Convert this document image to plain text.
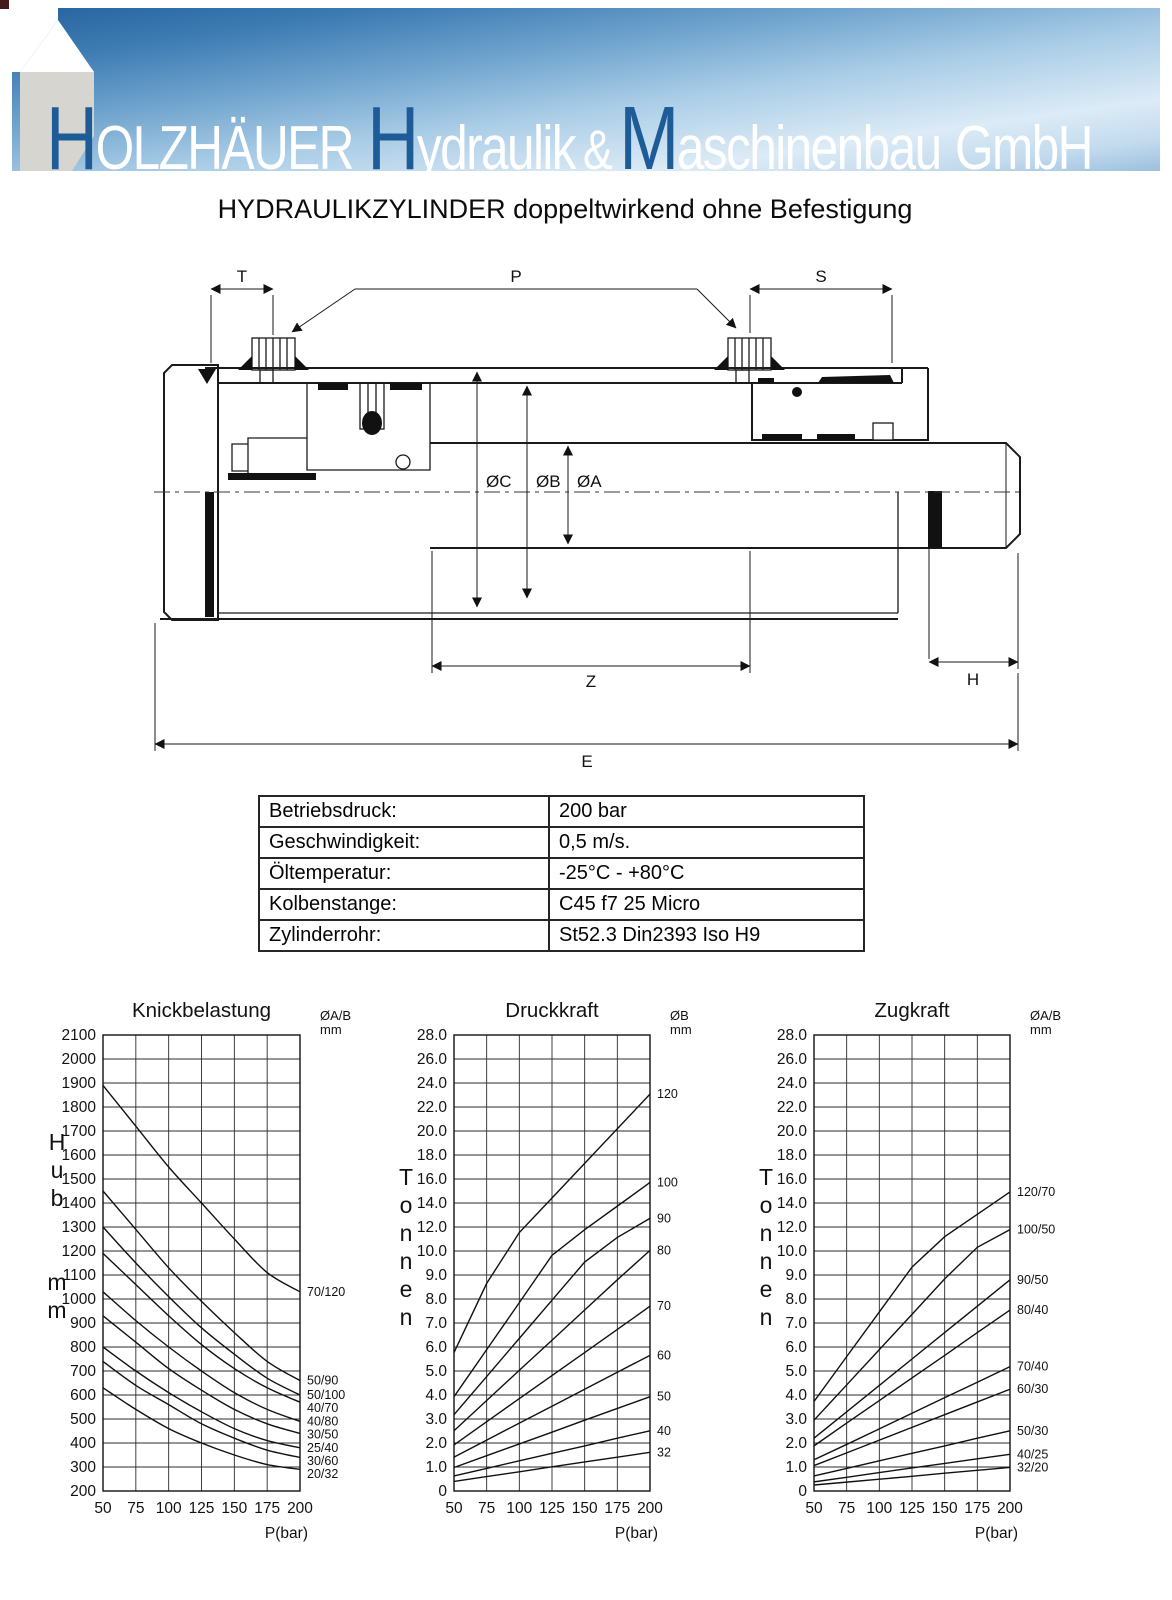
H OLZHÄUER H ydraulik & M aschinenbau GmbH
HYDRAULIKZYLINDER doppeltwirkend ohne Befestigung
T	P	S
ØC ØB ØA
Z	H
E
Betriebsdruck:	200 bar
Geschwindigkeit:	0,5 m/s.
Öltemperatur:	-25°C - +80°C
Kolbenstange:	C45 f7 25 Micro
Zylinderrohr:	St52.3 Din2393 Iso H9
Knickbelastung	ØA/B
mm
2100
2000
1900
1800
1700
1600
1500
1400
1300
1200
1100
1000
900
800
700
600
500
400
300
200
50 75 100 125 150 175 200
P(bar)
H
u
b
m
m
70/120
50/90
50/100
40/70
40/80
30/50
25/40
30/60
20/32
Druckkraft	ØB
mm
28.0
26.0
24.0
22.0
20.0
18.0
16.0
14.0
12.0
10.0
9.0
8.0
7.0
6.0
5.0
4.0
3.0
2.0
1.0
0
50 75 100 125 150 175 200
P(bar)
T
o
n
n
e
n
120
100
90
80
70
60
50
40
32
Zugkraft	ØA/B
mm
28.0
26.0
24.0
22.0
20.0
18.0
16.0
14.0
12.0
10.0
9.0
8.0
7.0
6.0
5.0
4.0
3.0
2.0
1.0
0
50 75 100 125 150 175 200
P(bar)
T
o
n
n
e
n
120/70
100/50
90/50
80/40
70/40
60/30
50/30
40/25
32/20
